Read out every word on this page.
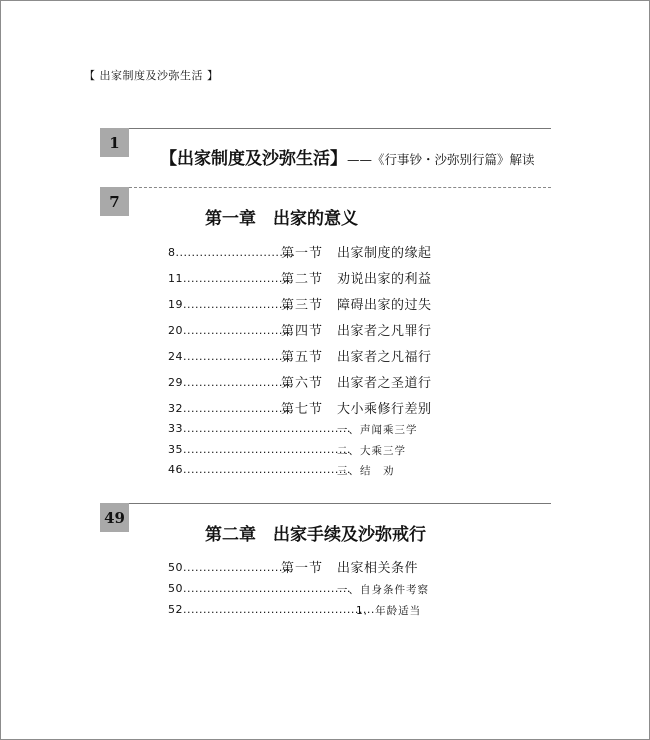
【 出家制度及沙弥生活 】
1
【出家制度及沙弥生活】——《行事钞・沙弥别行篇》解读
7
第一章　出家的意义
8..............................
第一节 出家制度的缘起
11...........................
第二节 劝说出家的利益
19...........................
第三节 障碍出家的过失
20...........................
第四节 出家者之凡罪行
24...........................
第五节 出家者之凡福行
29...........................
第六节 出家者之圣道行
32...........................
第七节 大小乘修行差别
33..........................................
一、声闻乘三学
35..........................................
二、大乘三学
46..........................................
三、结　劝
49
第二章　出家手续及沙弥戒行
50...........................
第一节 出家相关条件
50..........................................
一、自身条件考察
52................................................
1．年龄适当
